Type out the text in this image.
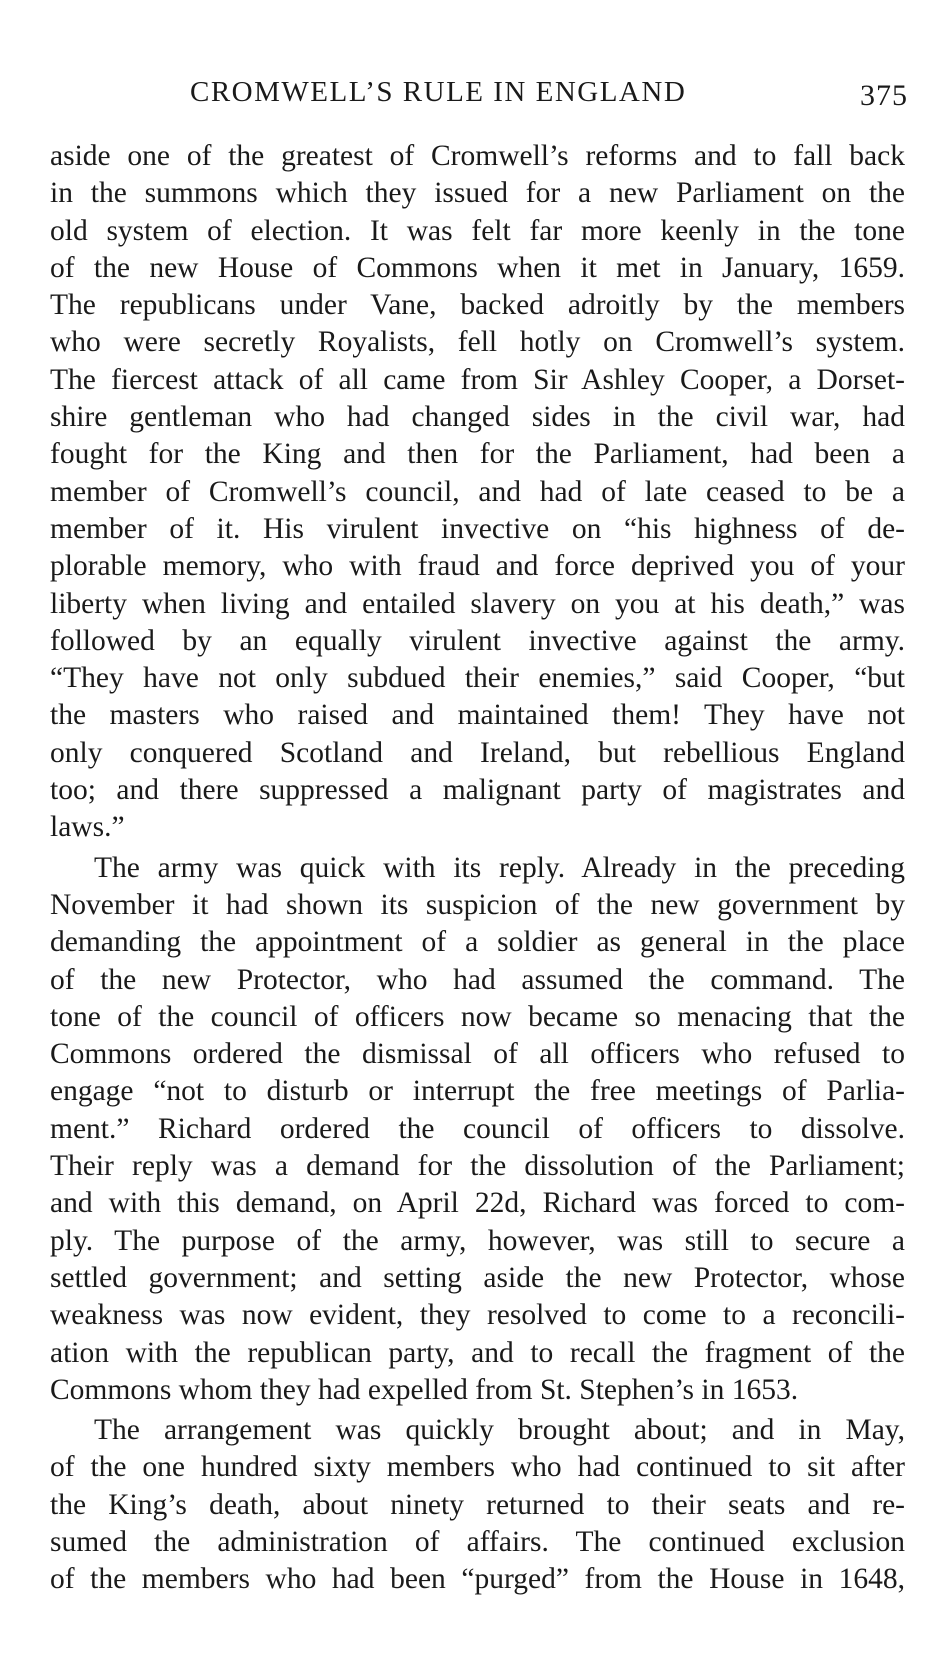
CROMWELL’S RULE IN ENGLAND	375
aside one of the greatest of Cromwell’s reforms and to fall back
in the summons which they issued for a new Parliament on the
old system of election. It was felt far more keenly in the tone
of the new House of Commons when it met in January, 1659.
The republicans under Vane, backed adroitly by the members
who were secretly Royalists, fell hotly on Cromwell’s system.
The fiercest attack of all came from Sir Ashley Cooper, a Dorset-
shire gentleman who had changed sides in the civil war, had
fought for the King and then for the Parliament, had been a
member of Cromwell’s council, and had of late ceased to be a
member of it. His virulent invective on “his highness of de-
plorable memory, who with fraud and force deprived you of your
liberty when living and entailed slavery on you at his death,” was
followed by an equally virulent invective against the army.
“They have not only subdued their enemies,” said Cooper, “but
the masters who raised and maintained them! They have not
only conquered Scotland and Ireland, but rebellious England
too; and there suppressed a malignant party of magistrates and
laws.”
The army was quick with its reply. Already in the preceding
November it had shown its suspicion of the new government by
demanding the appointment of a soldier as general in the place
of the new Protector, who had assumed the command. The
tone of the council of officers now became so menacing that the
Commons ordered the dismissal of all officers who refused to
engage “not to disturb or interrupt the free meetings of Parlia-
ment.” Richard ordered the council of officers to dissolve.
Their reply was a demand for the dissolution of the Parliament;
and with this demand, on April 22d, Richard was forced to com-
ply. The purpose of the army, however, was still to secure a
settled government; and setting aside the new Protector, whose
weakness was now evident, they resolved to come to a reconcili-
ation with the republican party, and to recall the fragment of the
Commons whom they had expelled from St. Stephen’s in 1653.
The arrangement was quickly brought about; and in May,
of the one hundred sixty members who had continued to sit after
the King’s death, about ninety returned to their seats and re-
sumed the administration of affairs. The continued exclusion
of the members who had been “purged” from the House in 1648,
